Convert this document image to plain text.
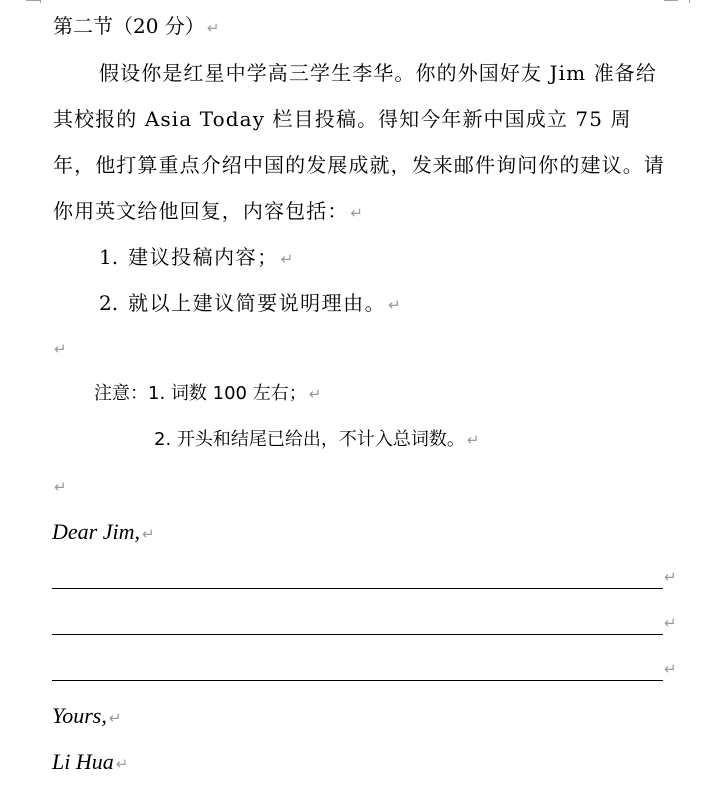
第二节（20 分） ↵
假设你是红星中学高三学生李华。你的外国好友 Jim 准备给其校报的 Asia Today 栏目投稿。得知今年新中国成立 75 周年，他打算重点介绍中国的发展成就，发来邮件询问你的建议。请你用英文给他回复，内容包括： ↵
1. 建议投稿内容； ↵
2. 就以上建议简要说明理由。 ↵
↵
注意：1. 词数 100 左右； ↵
2. 开头和结尾已给出，不计入总词数。 ↵
↵
Dear Jim, ↵
↵
↵
↵
Yours, ↵
Li Hua ↵
